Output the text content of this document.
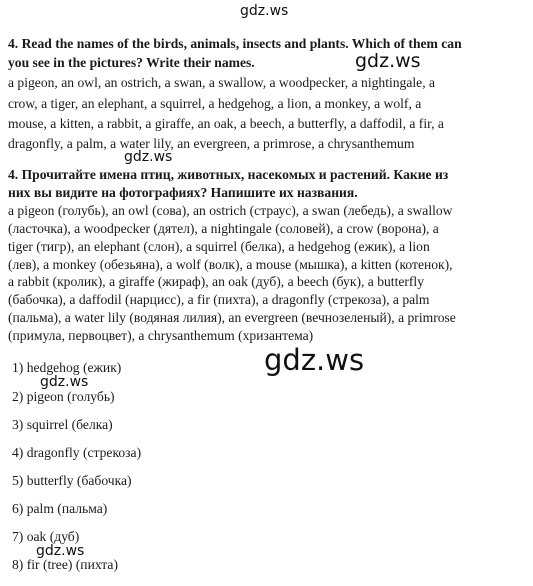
gdz.ws
gdz.ws
gdz.ws
gdz.ws
gdz.ws
gdz.ws
4. Read the names of the birds, animals, insects and plants. Which of them can
you see in the pictures? Write their names.
a pigeon, an owl, an ostrich, a swan, a swallow, a woodpecker, a nightingale, a
crow, a tiger, an elephant, a squirrel, a hedgehog, a lion, a monkey, a wolf, a
mouse, a kitten, a rabbit, a giraffe, an oak, a beech, a butterfly, a daffodil, a fir, a
dragonfly, a palm, a water lily, an evergreen, a primrose, a chrysanthemum
4. Прочитайте имена птиц, животных, насекомых и растений. Какие из
них вы видите на фотографиях? Напишите их названия.
a pigeon (голубь), an owl (сова), an ostrich (страус), a swan (лебедь), a swallow
(ласточка), a woodpecker (дятел), a nightingale (соловей), a crow (ворона), a
tiger (тигр), an elephant (слон), a squirrel (белка), a hedgehog (ежик), a lion
(лев), a monkey (обезьяна), a wolf (волк), a mouse (мышка), a kitten (котенок),
a rabbit (кролик), a giraffe (жираф), an oak (дуб), a beech (бук), a butterfly
(бабочка), a daffodil (нарцисс), a fir (пихта), a dragonfly (стрекоза), a palm
(пальма), a water lily (водяная лилия), an evergreen (вечнозеленый), a primrose
(примула, первоцвет), a chrysanthemum (хризантема)
1) hedgehog (ежик)
2) pigeon (голубь)
3) squirrel (белка)
4) dragonfly (стрекоза)
5) butterfly (бабочка)
6) palm (пальма)
7) oak (дуб)
8) fir (tree) (пихта)
